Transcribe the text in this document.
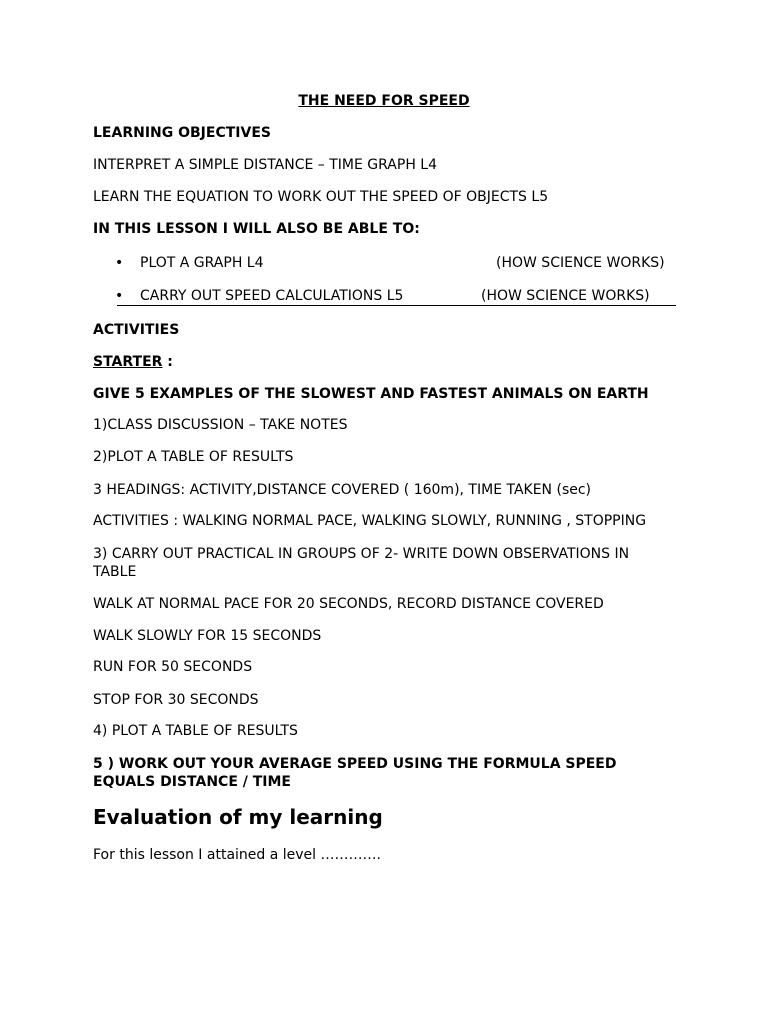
THE NEED FOR SPEED
LEARNING OBJECTIVES
INTERPRET A SIMPLE DISTANCE – TIME GRAPH L4
LEARN THE EQUATION TO WORK OUT THE SPEED OF OBJECTS L5
IN THIS LESSON I WILL ALSO BE ABLE TO:
• PLOT A GRAPH L4	(HOW SCIENCE WORKS)
• CARRY OUT SPEED CALCULATIONS L5	(HOW SCIENCE WORKS)
ACTIVITIES
STARTER :
GIVE 5 EXAMPLES OF THE SLOWEST AND FASTEST ANIMALS ON EARTH
1)CLASS DISCUSSION – TAKE NOTES
2)PLOT A TABLE OF RESULTS
3 HEADINGS: ACTIVITY,DISTANCE COVERED ( 160m), TIME TAKEN (sec)
ACTIVITIES : WALKING NORMAL PACE, WALKING SLOWLY, RUNNING , STOPPING
3) CARRY OUT PRACTICAL IN GROUPS OF 2- WRITE DOWN OBSERVATIONS IN TABLE
WALK AT NORMAL PACE FOR 20 SECONDS, RECORD DISTANCE COVERED
WALK SLOWLY FOR 15 SECONDS
RUN FOR 50 SECONDS
STOP FOR 30 SECONDS
4) PLOT A TABLE OF RESULTS
5 ) WORK OUT YOUR AVERAGE SPEED USING THE FORMULA SPEED EQUALS DISTANCE / TIME
Evaluation of my learning
For this lesson I attained a level ………….
